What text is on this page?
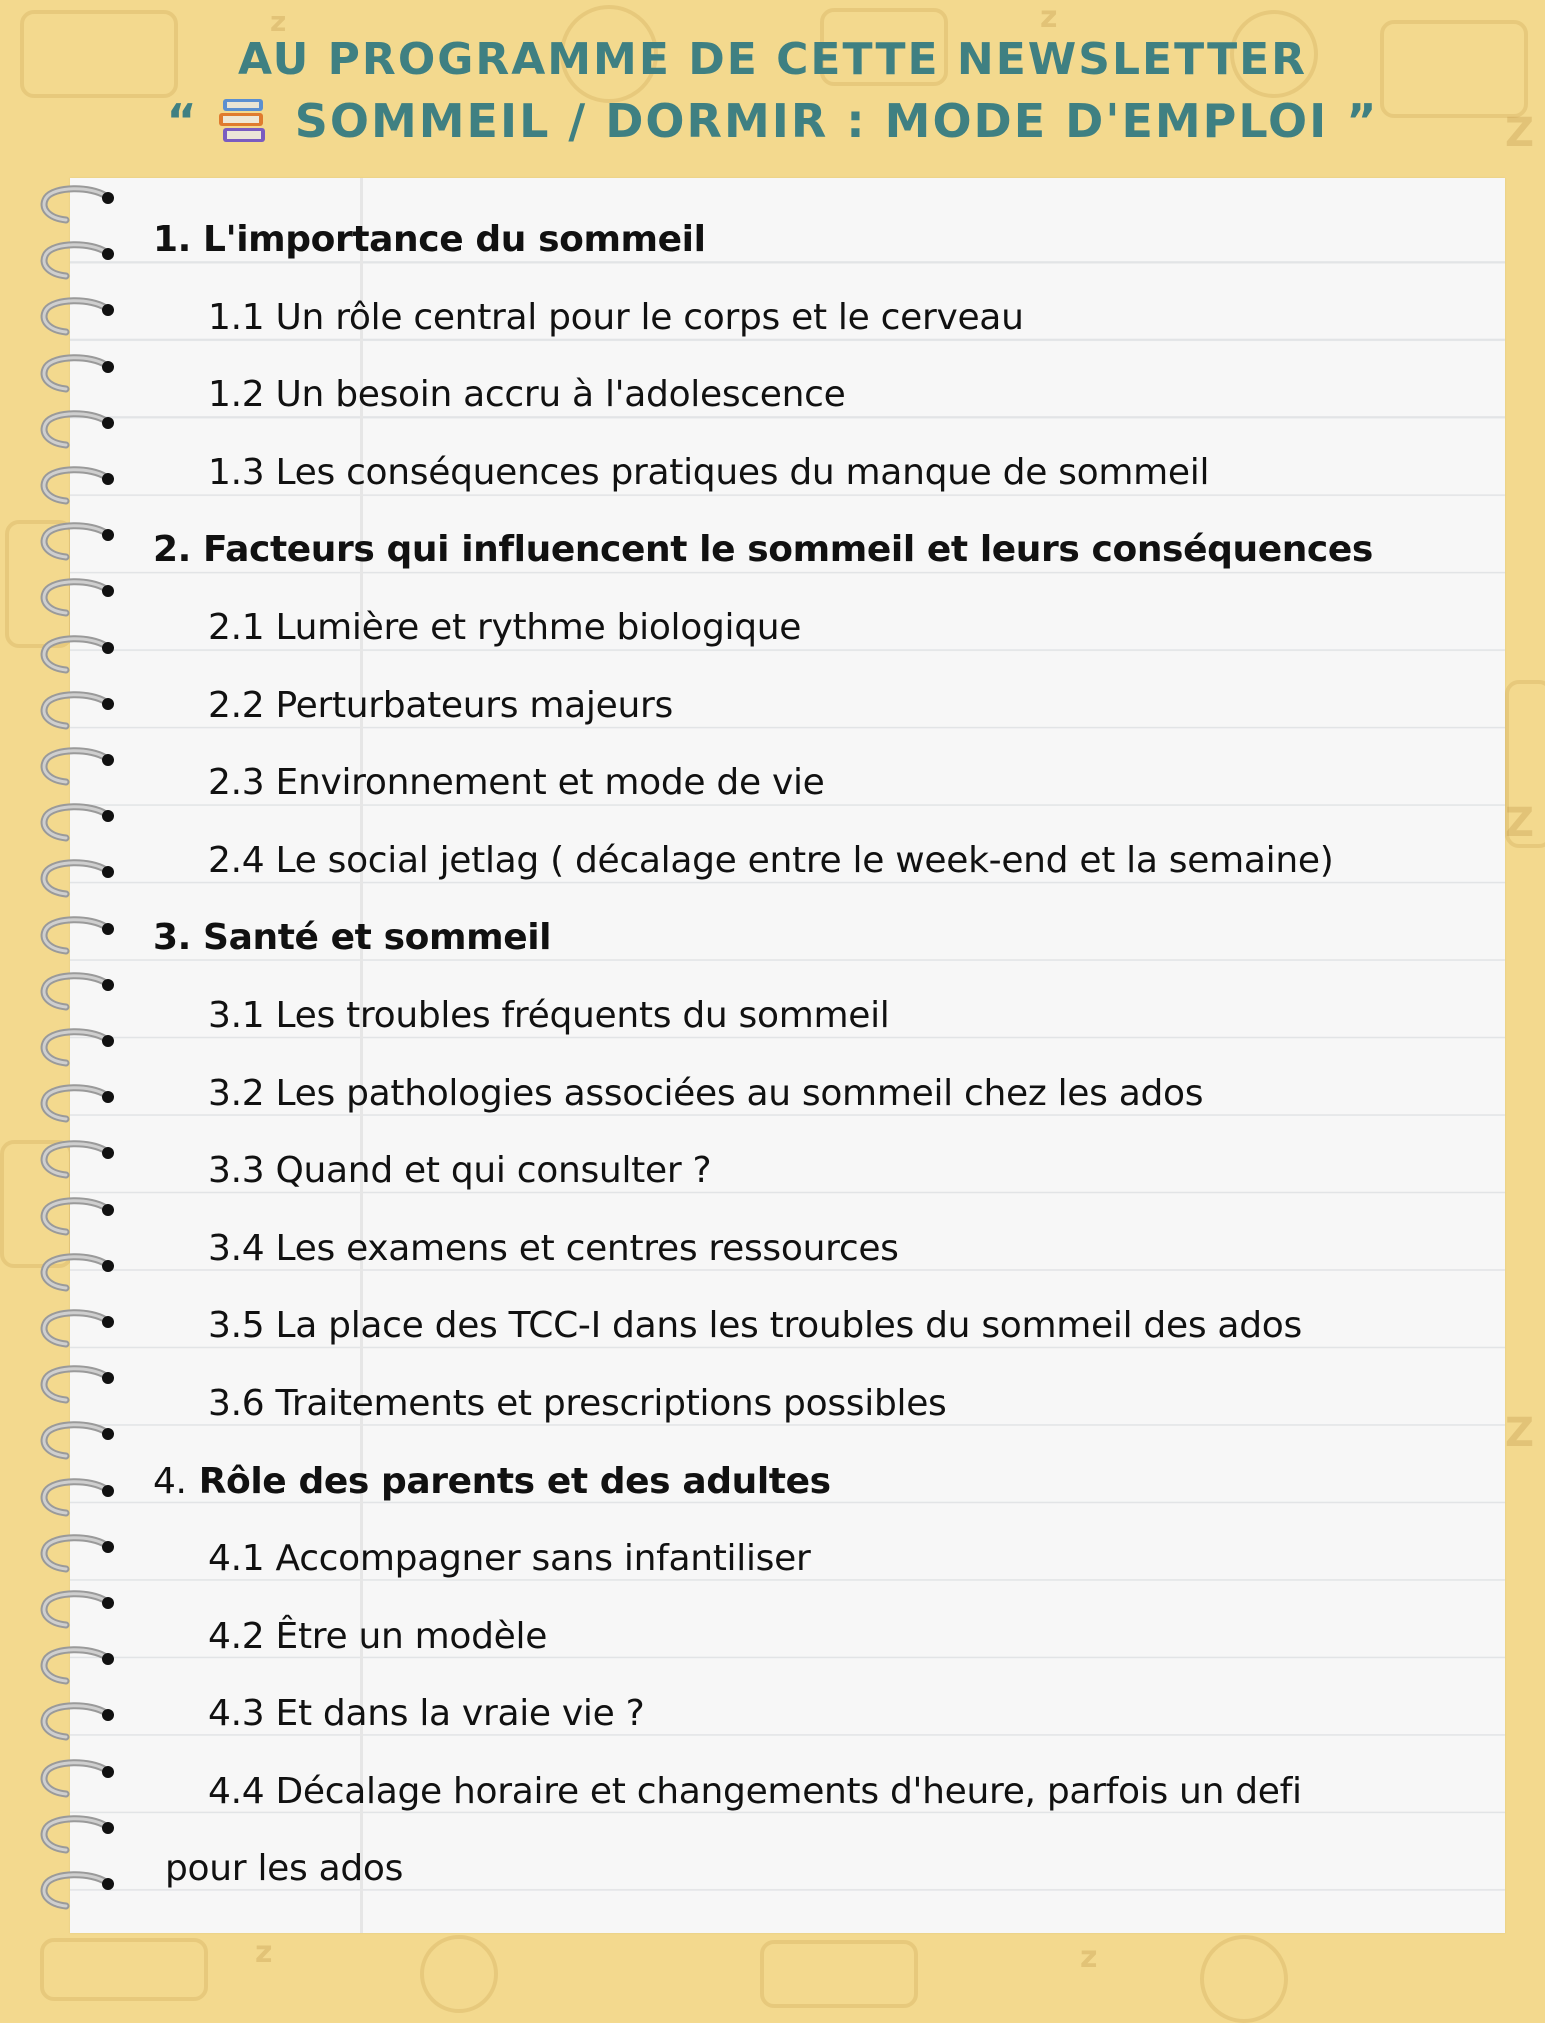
z	z
Z
Z
Z
z	z
AU PROGRAMME DE CETTE NEWSLETTER
“ SOMMEIL / DORMIR : MODE D'EMPLOI ”
1. L'importance du sommeil
1.1 Un rôle central pour le corps et le cerveau
1.2 Un besoin accru à l'adolescence
1.3 Les conséquences pratiques du manque de sommeil
2. Facteurs qui influencent le sommeil et leurs conséquences
2.1 Lumière et rythme biologique
2.2 Perturbateurs majeurs
2.3 Environnement et mode de vie
2.4 Le social jetlag ( décalage entre le week-end et la semaine)
3. Santé et sommeil
3.1 Les troubles fréquents du sommeil
3.2 Les pathologies associées au sommeil chez les ados
3.3 Quand et qui consulter ?
3.4 Les examens et centres ressources
3.5 La place des TCC-I dans les troubles du sommeil des ados
3.6 Traitements et prescriptions possibles
4. Rôle des parents et des adultes
4.1 Accompagner sans infantiliser
4.2 Être un modèle
4.3 Et dans la vraie vie ?
4.4 Décalage horaire et changements d'heure, parfois un defi
pour les ados
